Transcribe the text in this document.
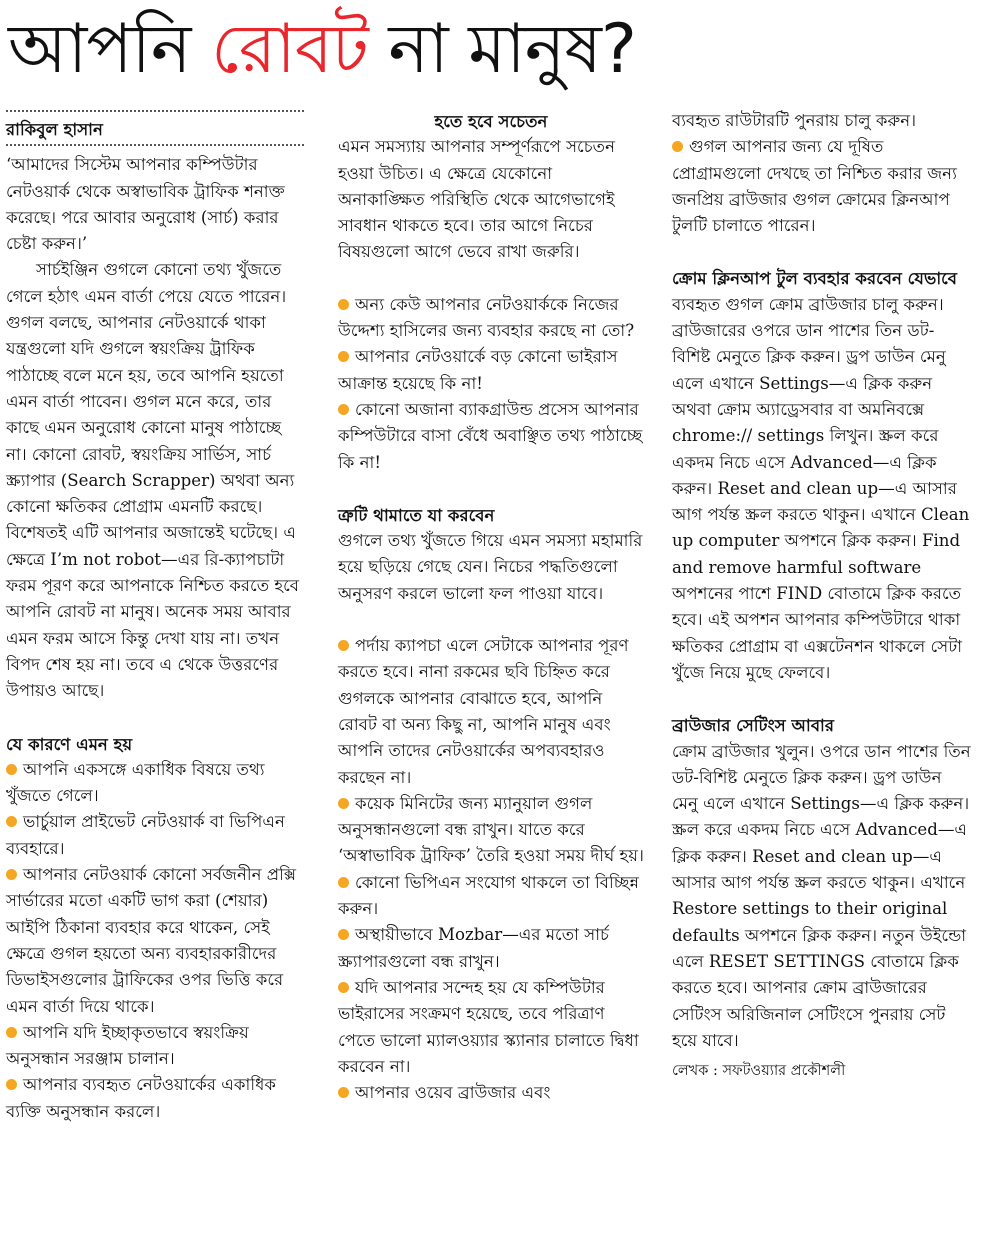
আপনি রোবট না মানুষ?
রাকিবুল হাসান

‘আমাদের সিস্টেম আপনার কম্পিউটার নেটওয়ার্ক থেকে অস্বাভাবিক ট্রাফিক শনাক্ত করেছে। পরে আবার অনুরোধ (সার্চ) করার চেষ্টা করুন।’

সার্চইঞ্জিন গুগলে কোনো তথ্য খুঁজতে গেলে হঠাৎ এমন বার্তা পেয়ে যেতে পারেন। গুগল বলছে, আপনার নেটওয়ার্কে থাকা যন্ত্রগুলো যদি গুগলে স্বয়ংক্রিয় ট্রাফিক পাঠাচ্ছে বলে মনে হয়, তবে আপনি হয়তো এমন বার্তা পাবেন। গুগল মনে করে, তার কাছে এমন অনুরোধ কোনো মানুষ পাঠাচ্ছে না। কোনো রোবট, স্বয়ংক্রিয় সার্ভিস, সার্চ স্ক্র্যাপার (Search Scrapper) অথবা অন্য কোনো ক্ষতিকর প্রোগ্রাম এমনটি করছে। বিশেষতই এটি আপনার অজান্তেই ঘটেছে। এ ক্ষেত্রে I’m not robot—এর রি-ক্যাপচাটা ফরম পূরণ করে আপনাকে নিশ্চিত করতে হবে আপনি রোবট না মানুষ। অনেক সময় আবার এমন ফরম আসে কিন্তু দেখা যায় না। তখন বিপদ শেষ হয় না। তবে এ থেকে উত্তরণের উপায়ও আছে।

যে কারণে এমন হয়

আপনি একসঙ্গে একাধিক বিষয়ে তথ্য খুঁজতে গেলে।

ভার্চুয়াল প্রাইভেট নেটওয়ার্ক বা ভিপিএন ব্যবহারে।

আপনার নেটওয়ার্ক কোনো সর্বজনীন প্রক্সি সার্ভারের মতো একটি ভাগ করা (শেয়ার) আইপি ঠিকানা ব্যবহার করে থাকেন, সেই ক্ষেত্রে গুগল হয়তো অন্য ব্যবহারকারীদের ডিভাইসগুলোর ট্রাফিকের ওপর ভিত্তি করে এমন বার্তা দিয়ে থাকে।

আপনি যদি ইচ্ছাকৃতভাবে স্বয়ংক্রিয় অনুসন্ধান সরঞ্জাম চালান।

আপনার ব্যবহৃত নেটওয়ার্কের একাধিক ব্যক্তি অনুসন্ধান করলে।

হতে হবে সচেতন

এমন সমস্যায় আপনার সম্পূর্ণরূপে সচেতন হওয়া উচিত। এ ক্ষেত্রে যেকোনো অনাকাঙ্ক্ষিত পরিস্থিতি থেকে আগেভাগেই সাবধান থাকতে হবে। তার আগে নিচের বিষয়গুলো আগে ভেবে রাখা জরুরি।

অন্য কেউ আপনার নেটওয়ার্ককে নিজের উদ্দেশ্য হাসিলের জন্য ব্যবহার করছে না তো?

আপনার নেটওয়ার্কে বড় কোনো ভাইরাস আক্রান্ত হয়েছে কি না!

কোনো অজানা ব্যাকগ্রাউন্ড প্রসেস আপনার কম্পিউটারে বাসা বেঁধে অবাঞ্ছিত তথ্য পাঠাচ্ছে কি না!

ত্রুটি থামাতে যা করবেন

গুগলে তথ্য খুঁজতে গিয়ে এমন সমস্যা মহামারি হয়ে ছড়িয়ে গেছে যেন। নিচের পদ্ধতিগুলো অনুসরণ করলে ভালো ফল পাওয়া যাবে।

পর্দায় ক্যাপচা এলে সেটাকে আপনার পূরণ করতে হবে। নানা রকমের ছবি চিহ্নিত করে গুগলকে আপনার বোঝাতে হবে, আপনি রোবট বা অন্য কিছু না, আপনি মানুষ এবং আপনি তাদের নেটওয়ার্কের অপব্যবহারও করছেন না।

কয়েক মিনিটের জন্য ম্যানুয়াল গুগল অনুসন্ধানগুলো বন্ধ রাখুন। যাতে করে ‘অস্বাভাবিক ট্রাফিক’ তৈরি হওয়া সময় দীর্ঘ হয়।

কোনো ভিপিএন সংযোগ থাকলে তা বিচ্ছিন্ন করুন।

অস্থায়ীভাবে Mozbar—এর মতো সার্চ স্ক্র্যাপারগুলো বন্ধ রাখুন।

যদি আপনার সন্দেহ হয় যে কম্পিউটার ভাইরাসের সংক্রমণ হয়েছে, তবে পরিত্রাণ পেতে ভালো ম্যালওয়্যার স্ক্যানার চালাতে দ্বিধা করবেন না।

আপনার ওয়েব ব্রাউজার এবং

ব্যবহৃত রাউটারটি পুনরায় চালু করুন।

গুগল আপনার জন্য যে দূষিত প্রোগ্রামগুলো দেখছে তা নিশ্চিত করার জন্য জনপ্রিয় ব্রাউজার গুগল ক্রোমের ক্লিনআপ টুলটি চালাতে পারেন।

ক্রোম ক্লিনআপ টুল ব্যবহার করবেন যেভাবে

ব্যবহৃত গুগল ক্রোম ব্রাউজার চালু করুন। ব্রাউজারের ওপরে ডান পাশের তিন ডট-বিশিষ্ট মেনুতে ক্লিক করুন। ড্রপ ডাউন মেনু এলে এখানে Settings—এ ক্লিক করুন অথবা ক্রোম অ্যাড্রেসবার বা অমনিবক্সে chrome:// settings লিখুন। স্ক্রল করে একদম নিচে এসে Advanced—এ ক্লিক করুন। Reset and clean up—এ আসার আগ পর্যন্ত স্ক্রল করতে থাকুন। এখানে Clean up computer অপশনে ক্লিক করুন। Find and remove harmful software অপশনের পাশে FIND বোতামে ক্লিক করতে হবে। এই অপশন আপনার কম্পিউটারে থাকা ক্ষতিকর প্রোগ্রাম বা এক্সটেনশন থাকলে সেটা খুঁজে নিয়ে মুছে ফেলবে।

ব্রাউজার সেটিংস আবার

ক্রোম ব্রাউজার খুলুন। ওপরে ডান পাশের তিন ডট-বিশিষ্ট মেনুতে ক্লিক করুন। ড্রপ ডাউন মেনু এলে এখানে Settings—এ ক্লিক করুন। স্ক্রল করে একদম নিচে এসে Advanced—এ ক্লিক করুন। Reset and clean up—এ আসার আগ পর্যন্ত স্ক্রল করতে থাকুন। এখানে Restore settings to their original defaults অপশনে ক্লিক করুন। নতুন উইন্ডো এলে RESET SETTINGS বোতামে ক্লিক করতে হবে। আপনার ক্রোম ব্রাউজারের সেটিংস অরিজিনাল সেটিংসে পুনরায় সেট হয়ে যাবে।

লেখক : সফটওয়্যার প্রকৌশলী
